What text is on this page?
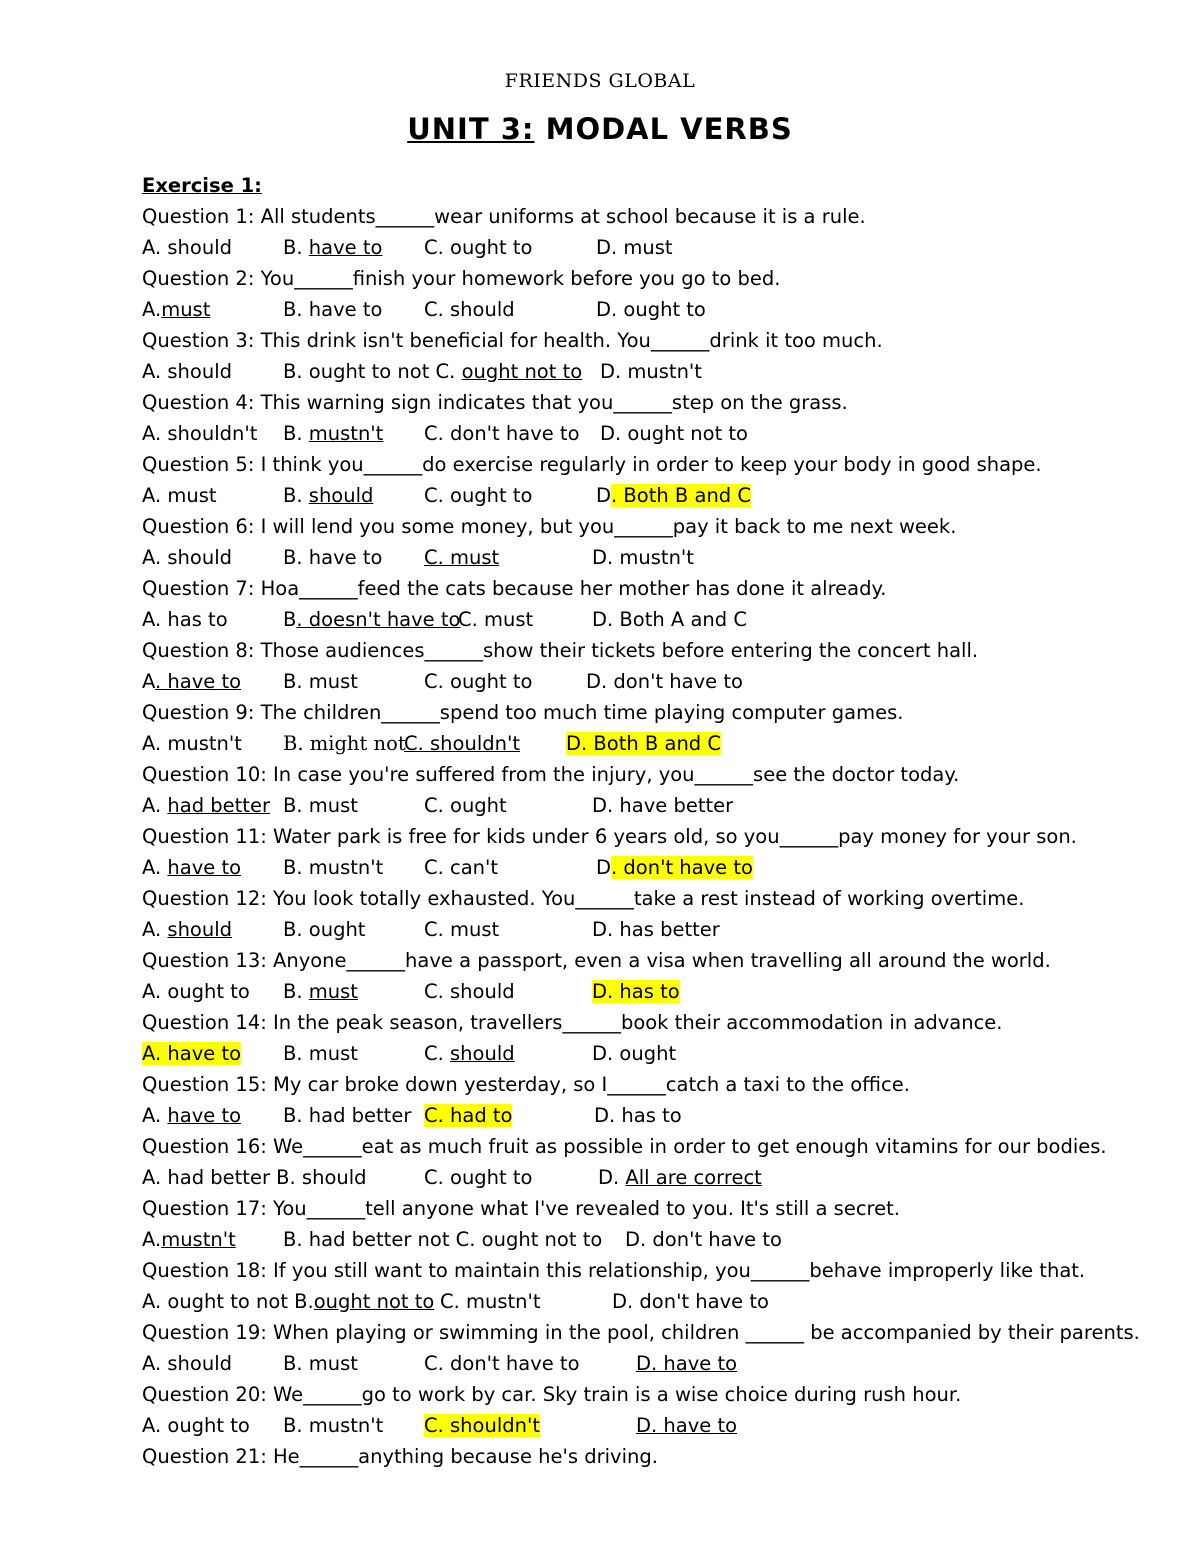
FRIENDS GLOBAL
UNIT 3: MODAL VERBS
Exercise 1:
Question 1: All students______wear uniforms at school because it is a rule.
A. should	B. have to C. ought to	D. must
Question 2: You______finish your homework before you go to bed.
A.must	B. have to C. should	D. ought to
Question 3: This drink isn't beneficial for health. You______drink it too much.
A. should	B. ought to not C. ought not to D. mustn't
Question 4: This warning sign indicates that you______step on the grass.
A. shouldn't B. mustn't C. don't have to D. ought not to
Question 5: I think you______do exercise regularly in order to keep your body in good shape.
A. must	B. should	C. ought to	D. Both B and C
Question 6: I will lend you some money, but you______pay it back to me next week.
A. should	B. have to C. must	D. mustn't
Question 7: Hoa______feed the cats because her mother has done it already.
A. has to	B. doesn't have to
C. must	D. Both A and C
Question 8: Those audiences______show their tickets before entering the concert hall.
A. have to B. must	C. ought to	D. don't have to
Question 9: The children______spend too much time playing computer games.
A. mustn't B. might not
C. shouldn't D. Both B and C
Question 10: In case you're suffered from the injury, you______see the doctor today.
A. had better B. must	C. ought	D. have better
Question 11: Water park is free for kids under 6 years old, so you______pay money for your son.
A. have to B. mustn't C. can't	D. don't have to
Question 12: You look totally exhausted. You______take a rest instead of working overtime.
A. should	B. ought	C. must	D. has better
Question 13: Anyone______have a passport, even a visa when travelling all around the world.
A. ought to B. must	C. should	D. has to
Question 14: In the peak season, travellers______book their accommodation in advance.
A. have to B. must	C. should	D. ought
Question 15: My car broke down yesterday, so I______catch a taxi to the office.
A. have to B. had better C. had to	D. has to
Question 16: We______eat as much fruit as possible in order to get enough vitamins for our bodies.
A. had better B. should	C. ought to	D. All are correct
Question 17: You______tell anyone what I've revealed to you. It's still a secret.
A.mustn't B. had better not C. ought not to D. don't have to
Question 18: If you still want to maintain this relationship, you______behave improperly like that.
A. ought to not B.ought not to C. mustn't	D. don't have to
Question 19: When playing or swimming in the pool, children ______ be accompanied by their parents.
A. should	B. must	C. don't have to	D. have to
Question 20: We______go to work by car. Sky train is a wise choice during rush hour.
A. ought to B. mustn't C. shouldn't	D. have to
Question 21: He______anything because he's driving.
